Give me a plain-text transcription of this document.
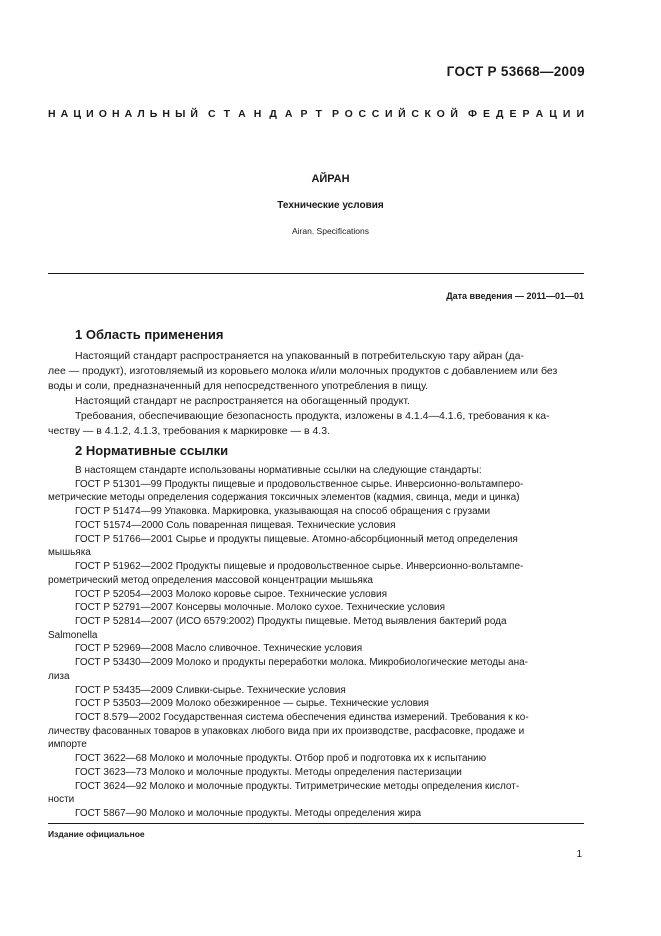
ГОСТ Р 53668—2009
Н А Ц И О Н А Л Ь Н Ы Й С Т А Н Д А Р Т Р О С С И Й С К О Й Ф Е Д Е Р А Ц И И
АЙРАН
Технические условия
Airan. Specifications
Дата введения — 2011—01—01
1 Область применения
Настоящий стандарт распространяется на упакованный в потребительскую тару айран (да-
лее — продукт), изготовляемый из коровьего молока и/или молочных продуктов с добавлением или без
воды и соли, предназначенный для непосредственного употребления в пищу.
Настоящий стандарт не распространяется на обогащенный продукт.
Требования, обеспечивающие безопасность продукта, изложены в 4.1.4—4.1.6, требования к ка-
честву — в 4.1.2, 4.1.3, требования к маркировке — в 4.3.
2 Нормативные ссылки
В настоящем стандарте использованы нормативные ссылки на следующие стандарты:
ГОСТ Р 51301—99 Продукты пищевые и продовольственное сырье. Инверсионно-вольтамперо-
метрические методы определения содержания токсичных элементов (кадмия, свинца, меди и цинка)
ГОСТ Р 51474—99 Упаковка. Маркировка, указывающая на способ обращения с грузами
ГОСТ 51574—2000 Соль поваренная пищевая. Технические условия
ГОСТ Р 51766—2001 Сырье и продукты пищевые. Атомно-абсорбционный метод определения
мышьяка
ГОСТ Р 51962—2002 Продукты пищевые и продовольственное сырье. Инверсионно-вольтампе-
рометрический метод определения массовой концентрации мышьяка
ГОСТ Р 52054—2003 Молоко коровье сырое. Технические условия
ГОСТ Р 52791—2007 Консервы молочные. Молоко сухое. Технические условия
ГОСТ Р 52814—2007 (ИСО 6579:2002) Продукты пищевые. Метод выявления бактерий рода
Salmonella
ГОСТ Р 52969—2008 Масло сливочное. Технические условия
ГОСТ Р 53430—2009 Молоко и продукты переработки молока. Микробиологические методы ана-
лиза
ГОСТ Р 53435—2009 Сливки-сырье. Технические условия
ГОСТ Р 53503—2009 Молоко обезжиренное — сырье. Технические условия
ГОСТ 8.579—2002 Государственная система обеспечения единства измерений. Требования к ко-
личеству фасованных товаров в упаковках любого вида при их производстве, расфасовке, продаже и
импорте
ГОСТ 3622—68 Молоко и молочные продукты. Отбор проб и подготовка их к испытанию
ГОСТ 3623—73 Молоко и молочные продукты. Методы определения пастеризации
ГОСТ 3624—92 Молоко и молочные продукты. Титриметрические методы определения кислот-
ности
ГОСТ 5867—90 Молоко и молочные продукты. Методы определения жира
Издание официальное
1
